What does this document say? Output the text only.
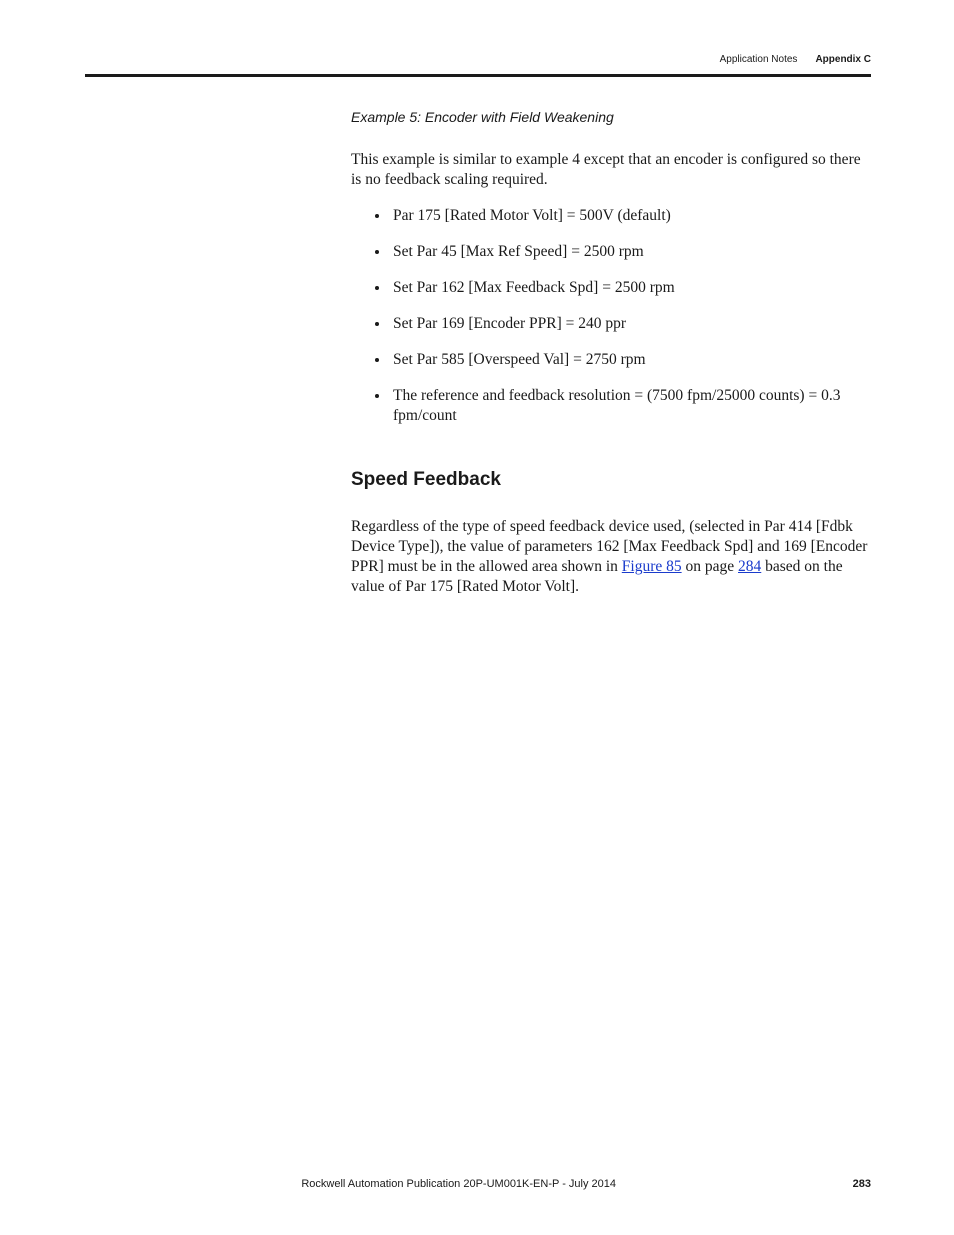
Application Notes Appendix C
Example 5: Encoder with Field Weakening

This example is similar to example 4 except that an encoder is configured so there is no feedback scaling required.

Par 175 [Rated Motor Volt] = 500V (default)
Set Par 45 [Max Ref Speed] = 2500 rpm
Set Par 162 [Max Feedback Spd] = 2500 rpm
Set Par 169 [Encoder PPR] = 240 ppr
Set Par 585 [Overspeed Val] = 2750 rpm
The reference and feedback resolution = (7500 fpm/25000 counts) = 0.3 fpm/count
Speed Feedback

Regardless of the type of speed feedback device used, (selected in Par 414 [Fdbk Device Type]), the value of parameters 162 [Max Feedback Spd] and 169 [Encoder PPR] must be in the allowed area shown in Figure 85 on page 284 based on the value of Par 175 [Rated Motor Volt].

Rockwell Automation Publication 20P-UM001K-EN-P - July 2014	283
